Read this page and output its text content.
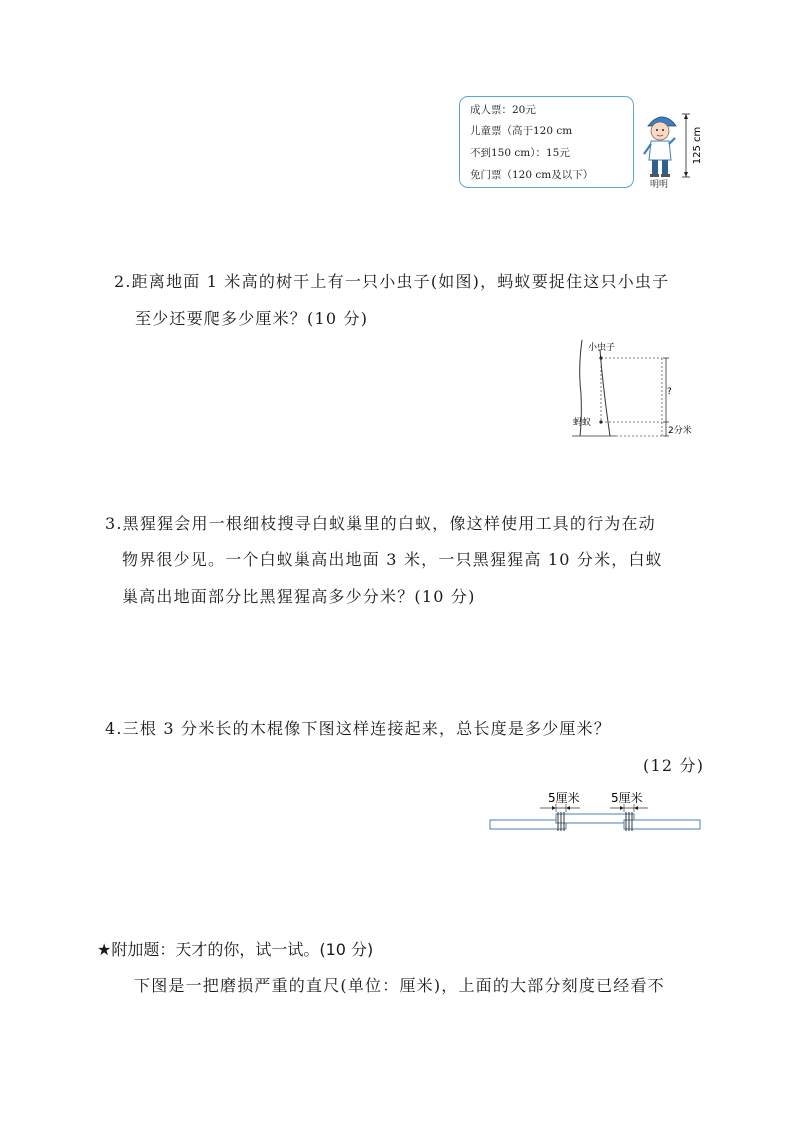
成人票：20元
儿童票（高于120 cm
不到150 cm）：15元
免门票（120 cm及以下）
125 cm
明明
2.距离地面 1 米高的树干上有一只小虫子(如图)，蚂蚁要捉住这只小虫子
至少还要爬多少厘米？(10 分)
?
2分米
小虫子
蚂蚁
3.黑猩猩会用一根细枝搜寻白蚁巢里的白蚁，像这样使用工具的行为在动
物界很少见。一个白蚁巢高出地面 3 米，一只黑猩猩高 10 分米，白蚁
巢高出地面部分比黑猩猩高多少分米？(10 分)
4.三根 3 分米长的木棍像下图这样连接起来，总长度是多少厘米？
(12 分)
5厘米	5厘米
★附加题：天才的你，试一试。(10 分)
下图是一把磨损严重的直尺(单位：厘米)，上面的大部分刻度已经看不
